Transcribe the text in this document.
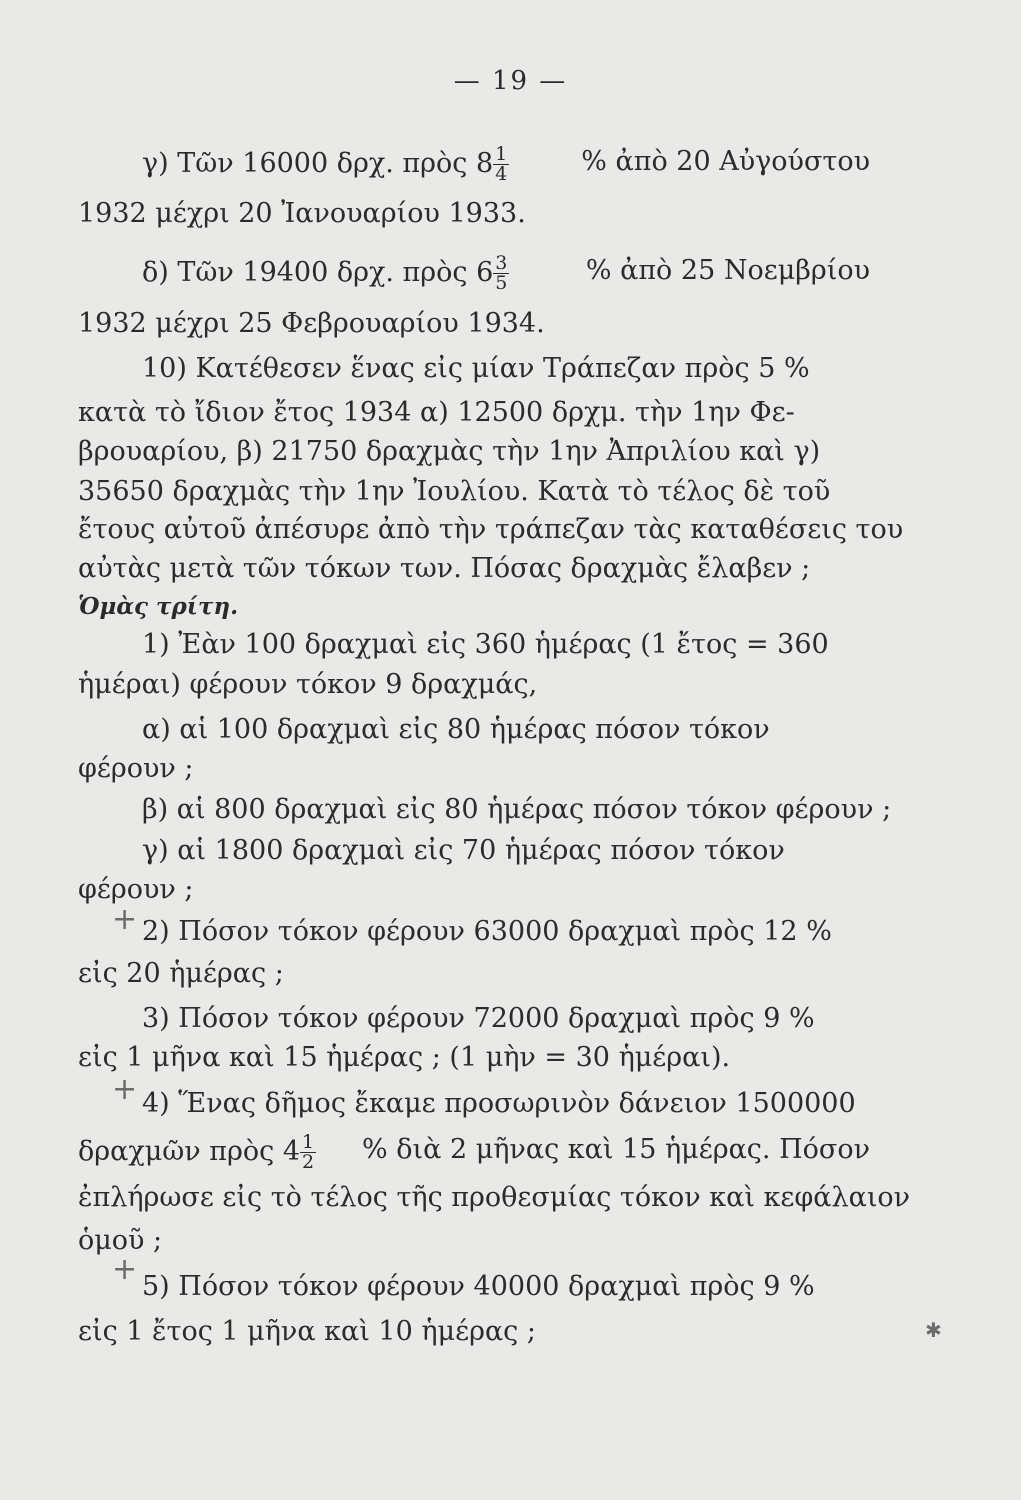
— 19 —
γ) Τῶν 16000 δρχ. πρὸς $8 \frac{1}{4}$	% ἀπὸ 20 Αὐγούστου
1932 μέχρι 20 Ἰανουαρίου 1933.
δ) Τῶν 19400 δρχ. πρὸς $6 \frac{3}{5}$	% ἀπὸ 25 Νοεμβρίου
1932 μέχρι 25 Φεβρουαρίου 1934.
10) Κατέθεσεν ἕνας εἰς μίαν Τράπεζαν πρὸς 5 %
κατὰ τὸ ἴδιον ἔτος 1934 α) 12500 δρχμ. τὴν 1ην Φε-
βρουαρίου, β) 21750 δραχμὰς τὴν 1ην Ἀπριλίου καὶ γ)
35650 δραχμὰς τὴν 1ην Ἰουλίου. Κατὰ τὸ τέλος δὲ τοῦ
ἔτους αὐτοῦ ἀπέσυρε ἀπὸ τὴν τράπεζαν τὰς καταθέσεις του
αὐτὰς μετὰ τῶν τόκων των. Πόσας δραχμὰς ἔλαβεν ;
Ὁμὰς τρίτη.
1) Ἐὰν 100 δραχμαὶ εἰς 360 ἡμέρας (1 ἔτος = 360
ἡμέραι) φέρουν τόκον 9 δραχμάς,
α) αἱ 100 δραχμαὶ εἰς 80 ἡμέρας πόσον τόκον
φέρουν ;
β) αἱ 800 δραχμαὶ εἰς 80 ἡμέρας πόσον τόκον φέρουν ;
γ) αἱ 1800 δραχμαὶ εἰς 70 ἡμέρας πόσον τόκον
φέρουν ;
2) Πόσον τόκον φέρουν 63000 δραχμαὶ πρὸς 12 %
εἰς 20 ἡμέρας ;
3) Πόσον τόκον φέρουν 72000 δραχμαὶ πρὸς 9 %
εἰς 1 μῆνα καὶ 15 ἡμέρας ; (1 μὴν = 30 ἡμέραι).
4) Ἕνας δῆμος ἔκαμε προσωρινὸν δάνειον 1500000
δραχμῶν πρὸς $4 \frac{1}{2}$ % διὰ 2 μῆνας καὶ 15 ἡμέρας. Πόσον
ἐπλήρωσε εἰς τὸ τέλος τῆς προθεσμίας τόκον καὶ κεφάλαιον
ὁμοῦ ;
5) Πόσον τόκον φέρουν 40000 δραχμαὶ πρὸς 9 %
εἰς 1 ἔτος 1 μῆνα καὶ 10 ἡμέρας ;
+
+
+
✱
